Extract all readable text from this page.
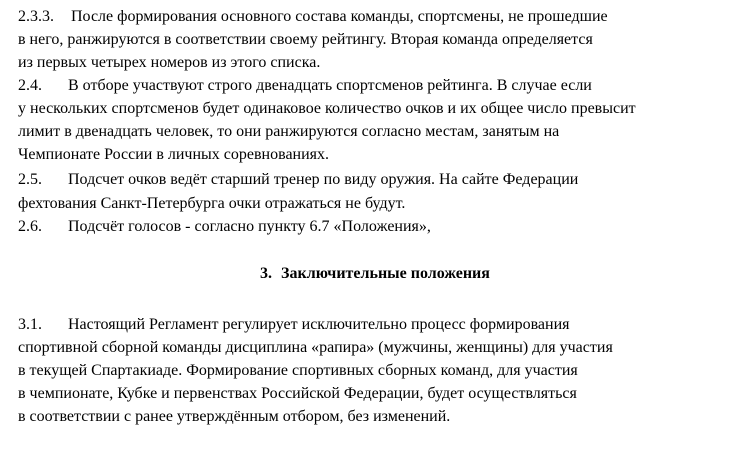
2.3.3. После формирования основного состава команды, спортсмены, не прошедшие
в него, ранжируются в соответствии своему рейтингу. Вторая команда определяется
из первых четырех номеров из этого списка.
2.4. В отборе участвуют строго двенадцать спортсменов рейтинга. В случае если
у нескольких спортсменов будет одинаковое количество очков и их общее число превысит
лимит в двенадцать человек, то они ранжируются согласно местам, занятым на
Чемпионате России в личных соревнованиях.
2.5. Подсчет очков ведёт старший тренер по виду оружия. На сайте Федерации
фехтования Санкт-Петербурга очки отражаться не будут.
2.6. Подсчёт голосов - согласно пункту 6.7 «Положения»,
3. Заключительные положения
3.1. Настоящий Регламент регулирует исключительно процесс формирования
спортивной сборной команды дисциплина «рапира» (мужчины, женщины) для участия
в текущей Спартакиаде. Формирование спортивных сборных команд, для участия
в чемпионате, Кубке и первенствах Российской Федерации, будет осуществляться
в соответствии с ранее утверждённым отбором, без изменений.
